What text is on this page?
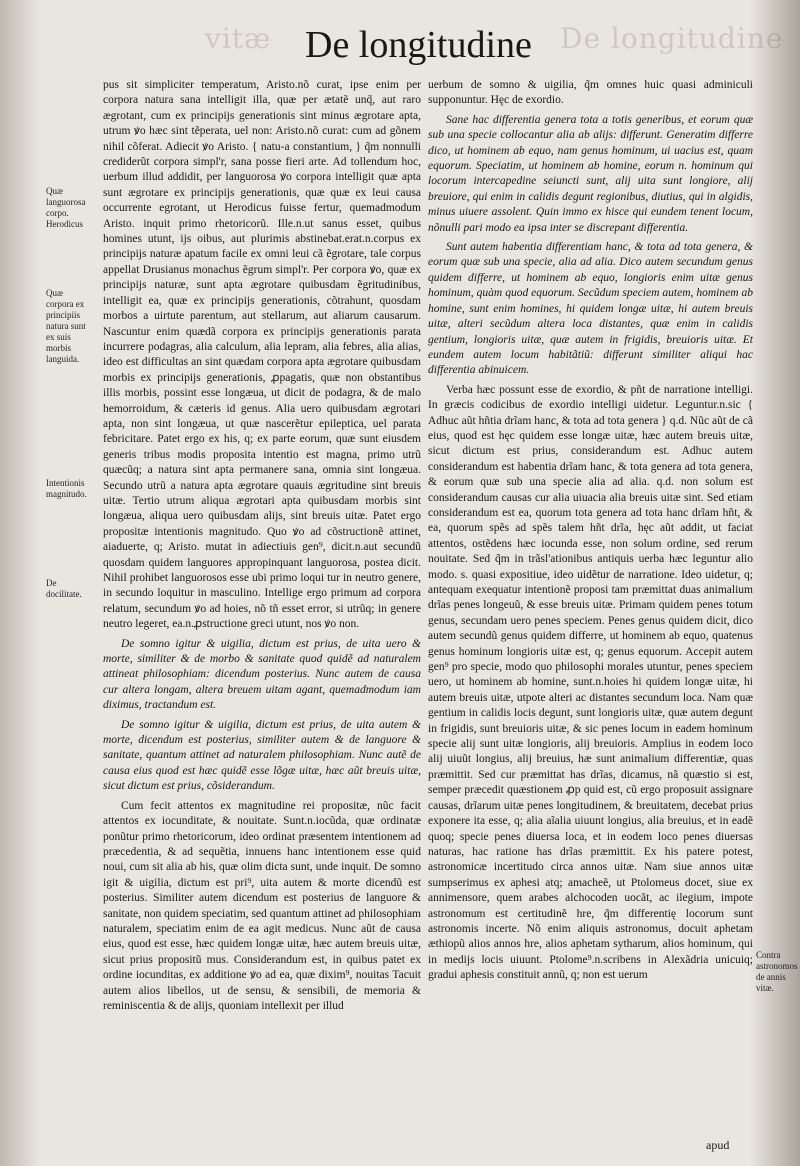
vitæ	De longitudine
De longitudine
Quæ languorosa corpo. Herodicus
Quæ corpora ex principiis natura sunt ex suis morbis languida.
Intentionis magnitudo.
De docilitate.
Contra astronomos de annis vitæ.

pus sit simpliciter temperatum, Aristo.nõ curat, ipse enim per corpora natura sana intelligit illa, quæ per ætatẽ unq̃, aut raro ægrotant, cum ex principijs generationis sint minus ægrotare apta, utrum ꝟo hæc sint tẽperata, uel non: Aristo.nõ curat: cum ad gõnem nihil cõferat. Adiecit ꝟo Aristo. { natu-a constantium, } q̃m nonnulli crediderũt corpora simpl'r, sana posse fieri arte. Ad tollendum hoc, uerbum illud addidit, per languorosa ꝟo corpora intelligit quæ apta sunt ægrotare ex principijs generationis, quæ quæ ex leui causa occurrente egrotant, ut Herodicus fuisse fertur, quemadmodum Aristo. inquit primo rhetoricorũ. Ille.n.ut sanus esset, quibus homines utunt, ijs oibus, aut plurimis abstinebat.erat.n.corpus ex principijs naturæ apatum facile ex omni leui cã ẽgrotare, tale corpus appellat Drusianus monachus ẽgrum simpl'r. Per corpora ꝟo, quæ ex principijs naturæ, sunt apta ægrotare quibusdam ẽgritudinibus, intelligit ea, quæ ex principijs generationis, cõtrahunt, quosdam morbos a uirtute parentum, aut stellarum, aut aliarum causarum. Nascuntur enim quædã corpora ex principijs generationis parata incurrere podagras, alia calculum, alia lepram, alia febres, alia alias, ideo est difficultas an sint quædam corpora apta ægrotare quibusdam morbis ex principijs generationis, ꝓpagatis, quæ non obstantibus illis morbis, possint esse longæua, ut dicit de podagra, & de malo hemorroidum, & cæteris id genus. Alia uero quibusdam ægrotari apta, non sint longæua, ut quæ nascerẽtur epileptica, uel parata febricitare. Patet ergo ex his, q; ex parte eorum, quæ sunt eiusdem generis tribus modis proposita intentio est magna, primo utrũ quæcũq; a natura sint apta permanere sana, omnia sint longæua. Secundo utrũ a natura apta ægrotare quauis ægritudine sint breuis uitæ. Tertio utrum aliqua ægrotari apta quibusdam morbis sint longæua, aliqua uero quibusdam alijs, sint breuis uitæ. Patet ergo propositæ intentionis magnitudo. Quo ꝟo ad cõstructionẽ attinet, aiaduerte, q; Aristo. mutat in adiectiuis gen⁹, dicit.n.aut secundũ quosdam quidem languores appropinquant languorosa, postea dicit. Nihil prohibet languorosos esse ubi primo loqui tur in neutro genere, in secundo loquitur in masculino. Intellige ergo primum ad corpora relatum, secundum ꝟo ad hoies, nõ tñ esset error, si utrũq; in genere neutro legeret, ea.n.ꝓstructione greci utunt, nos ꝟo non.

De somno igitur & uigilia, dictum est prius, de uita uero & morte, similiter & de morbo & sanitate quod quidẽ ad naturalem attineat philosophiam: dicendum posterius. Nunc autem de causa cur altera longam, altera breuem uitam agant, quemadmodum iam diximus, tractandum est.

De somno igitur & uigilia, dictum est prius, de uita autem & morte, dicendum est posterius, similiter autem & de languore & sanitate, quantum attinet ad naturalem philosophiam. Nunc autẽ de causa eius quod est hæc quidẽ esse lõgæ uitæ, hæc aũt breuis uitæ, sicut dictum est prius, cõsiderandum.

Cum fecit attentos ex magnitudine rei propositæ, nũc facit attentos ex iocunditate, & nouitate. Sunt.n.iocũda, quæ ordinatæ ponũtur primo rhetoricorum, ideo ordinat præsentem intentionem ad præcedentia, & ad sequẽtia, innuens hanc intentionem esse quid noui, cum sit alia ab his, quæ olim dicta sunt, unde inquit. De somno igit & uigilia, dictum est pri⁹, uita autem & morte dicendũ est posterius. Similiter autem dicendum est posterius de languore & sanitate, non quidem speciatim, sed quantum attinet ad philosophiam naturalem, speciatim enim de ea agit medicus. Nunc aũt de causa eius, quod est esse, hæc quidem longæ uitæ, hæc autem breuis uitæ, sicut prius propositũ mus. Considerandum est, in quibus patet ex ordine iocunditas, ex additione ꝟo ad ea, quæ dixim⁹, nouitas Tacuit autem alios libellos, ut de sensu, & sensibili, de memoria & reminiscentia & de alijs, quoniam intellexit per illud

uerbum de somno & uigilia, q̃m omnes huic quasi adminiculi supponuntur. Hęc de exordio.

Sane hac differentia genera tota a totis generibus, et eorum quæ sub una specie collocantur alia ab alijs: differunt. Generatim differre dico, ut hominem ab equo, nam genus hominum, ui uacius est, quam equorum. Speciatim, ut hominem ab homine, eorum n. hominum qui locorum intercapedine seiuncti sunt, alij uita sunt longiore, alij breuiore, qui enim in calidis degunt regionibus, diutius, qui in algidis, minus uiuere assolent. Quin immo ex hisce qui eundem tenent locum, nõnulli pari modo ea ipsa inter se discrepant differentia.

Sunt autem habentia differentiam hanc, & tota ad tota genera, & eorum quæ sub una specie, alia ad alia. Dico autem secundum genus quidem differre, ut hominem ab equo, longioris enim uitæ genus hominum, quàm quod equorum. Secũdum speciem autem, hominem ab homine, sunt enim homines, hi quidem longæ uitæ, hi autem breuis uitæ, alteri secũdum altera loca distantes, quæ enim in calidis gentium, longioris uitæ, quæ autem in frigidis, breuioris uitæ. Et eundem autem locum habitãtiũ: differunt similiter aliqui hac differentia abinuicem.

Verba hæc possunt esse de exordio, & pñt de narratione intelligi. In græcis codicibus de exordio intelligi uidetur. Leguntur.n.sic { Adhuc aũt hñtia drĩam hanc, & tota ad tota genera } q.d. Nũc aũt de cã eius, quod est hęc quidem esse longæ uitæ, hæc autem breuis uitæ, sicut dictum est prius, considerandum est. Adhuc autem considerandum est habentia drĩam hanc, & tota genera ad tota genera, & eorum quæ sub una specie alia ad alia. q.d. non solum est considerandum causas cur alia uiuacia alia breuis uitæ sint. Sed etiam considerandum est ea, quorum tota genera ad tota hanc drĩam hñt, & ea, quorum spẽs ad spẽs talem hñt drĩa, hęc aũt addit, ut faciat attentos, ostẽdens hæc iocunda esse, non solum ordine, sed rerum nouitate. Sed q̃m in trãsl'ationibus antiquis uerba hæc leguntur alio modo. s. quasi expositiue, ideo uidẽtur de narratione. Ideo uidetur, q; antequam exequatur intentionẽ proposi tam præmittat duas animalium drĩas penes longeuũ, & esse breuis uitæ. Primam quidem penes totum genus, secundam uero penes speciem. Penes genus quidem dicit, dico autem secundũ genus quidem differre, ut hominem ab equo, quatenus genus hominum longioris uitæ est, q; genus equorum. Accepit autem gen⁹ pro specie, modo quo philosophi morales utuntur, penes speciem uero, ut hominem ab homine, sunt.n.hoies hi quidem longæ uitæ, hi autem breuis uitæ, utpote alteri ac distantes secundum loca. Nam quæ gentium in calidis locis degunt, sunt longioris uitæ, quæ autem degunt in frigidis, sunt breuioris uitæ, & sic penes locum in eadem hominum specie alij sunt uitæ longioris, alij breuioris. Amplius in eodem loco alij uiuũt longius, alij breuius, hæ sunt animalium differentiæ, quas præmittit. Sed cur præmittat has drĩas, dicamus, nã quæstio si est, semper præcedit quæstionem ꝓp quid est, cũ ergo proposuit assignare causas, drĩarum uitæ penes longitudinem, & breuitatem, decebat prius exponere ita esse, q; alia aĩalia uiuunt longius, alia breuius, et in eadẽ quoq; specie penes diuersa loca, et in eodem loco penes diuersas naturas, hac ratione has drĩas præmittit. Ex his patere potest, astronomicæ incertitudo circa annos uitæ. Nam siue annos uitæ sumpserimus ex aphesi atq; amacheẽ, ut Ptolomeus docet, siue ex annimensore, quem arabes alchocoden uocãt, ac ilegium, impote astronomum est certitudinẽ hre, q̃m differentię locorum sunt astronomis incerte. Nõ enim aliquis astronomus, docuit aphetam æthiopũ alios annos hre, alios aphetam sytharum, alios hominum, qui in medijs locis uiuunt. Ptolome⁹.n.scribens in Alexãdria unicuiq; gradui aphesis constituit annũ, q; non est uerum

apud
